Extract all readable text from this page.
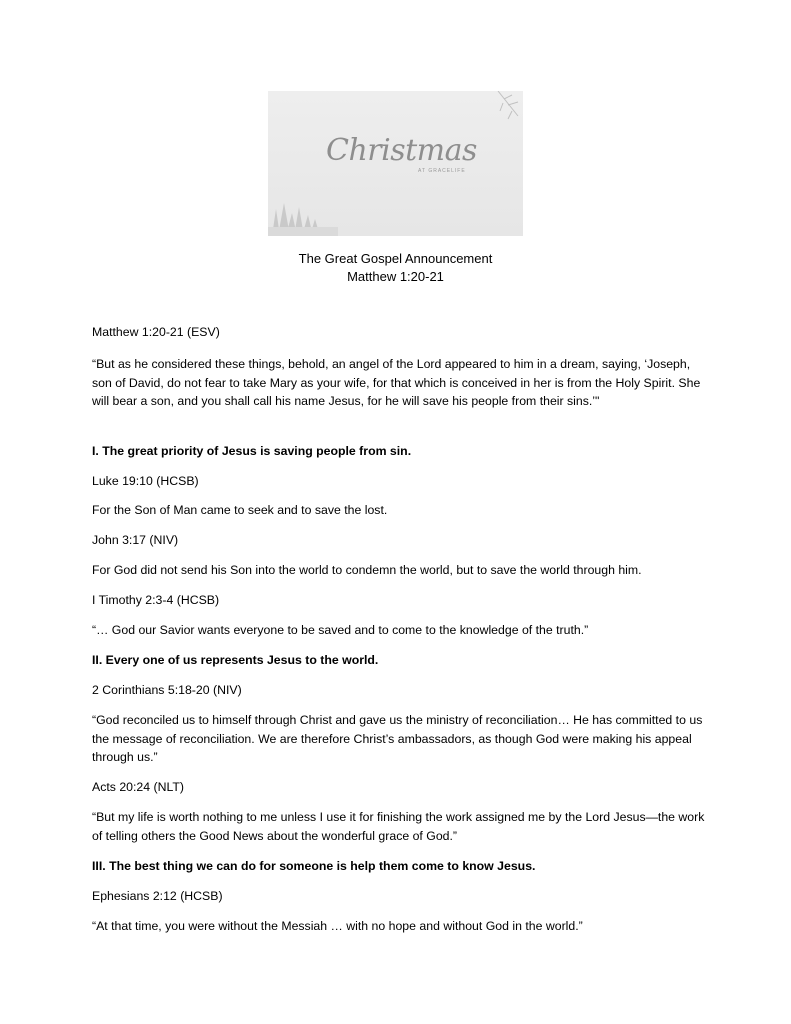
Christmas
AT GRACELIFE
The Great Gospel Announcement
Matthew 1:20-21
Matthew 1:20-21 (ESV)
“But as he considered these things, behold, an angel of the Lord appeared to him in a dream, saying, ‘Joseph, son of David, do not fear to take Mary as your wife, for that which is conceived in her is from the Holy Spirit. She will bear a son, and you shall call his name Jesus, for he will save his people from their sins.’"
I. The great priority of Jesus is saving people from sin.
Luke 19:10 (HCSB)
For the Son of Man came to seek and to save the lost.
John 3:17 (NIV)
For God did not send his Son into the world to condemn the world, but to save the world through him.
I Timothy 2:3-4 (HCSB)
“… God our Savior wants everyone to be saved and to come to the knowledge of the truth.”
II. Every one of us represents Jesus to the world.
2 Corinthians 5:18-20 (NIV)
“God reconciled us to himself through Christ and gave us the ministry of reconciliation… He has committed to us the message of reconciliation. We are therefore Christ’s ambassadors, as though God were making his appeal through us.”
Acts 20:24 (NLT)
“But my life is worth nothing to me unless I use it for finishing the work assigned me by the Lord Jesus—the work of telling others the Good News about the wonderful grace of God.”
III. The best thing we can do for someone is help them come to know Jesus.
Ephesians 2:12 (HCSB)
“At that time, you were without the Messiah … with no hope and without God in the world.”
